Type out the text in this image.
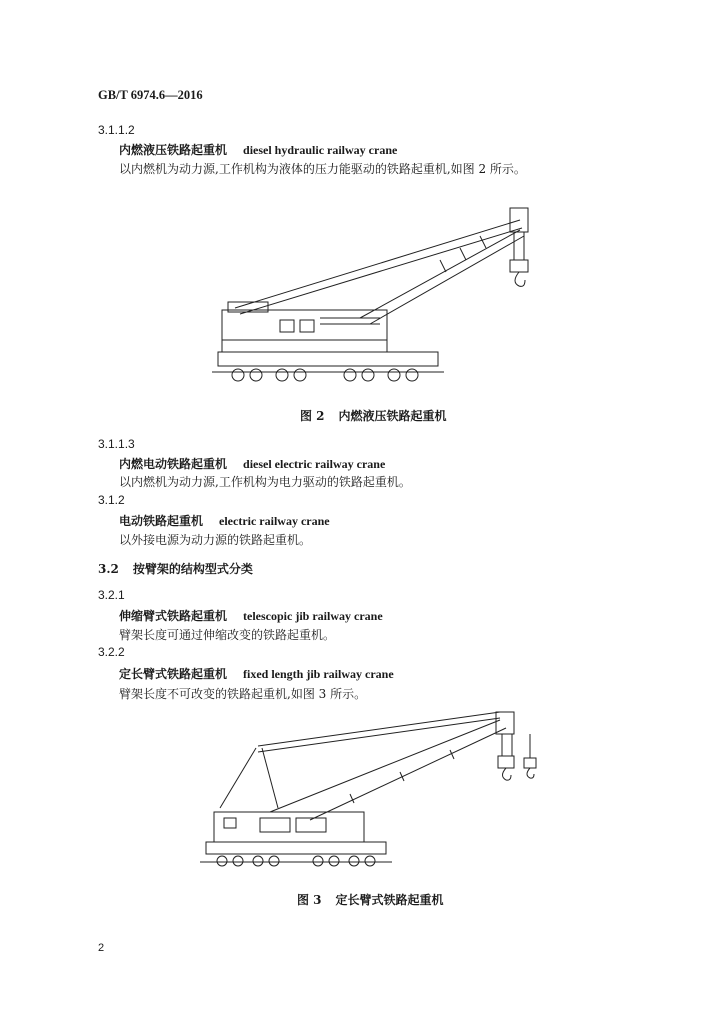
GB/T 6974.6—2016
3.1.1.2
内燃液压铁路起重机 diesel hydraulic railway crane
以内燃机为动力源,工作机构为液体的压力能驱动的铁路起重机,如图 2 所示。
图 2 内燃液压铁路起重机
3.1.1.3
内燃电动铁路起重机 diesel electric railway crane
以内燃机为动力源,工作机构为电力驱动的铁路起重机。
3.1.2
电动铁路起重机 electric railway crane
以外接电源为动力源的铁路起重机。
3.2 按臂架的结构型式分类
3.2.1
伸缩臂式铁路起重机 telescopic jib railway crane
臂架长度可通过伸缩改变的铁路起重机。
3.2.2
定长臂式铁路起重机 fixed length jib railway crane
臂架长度不可改变的铁路起重机,如图 3 所示。
图 3 定长臂式铁路起重机
2
